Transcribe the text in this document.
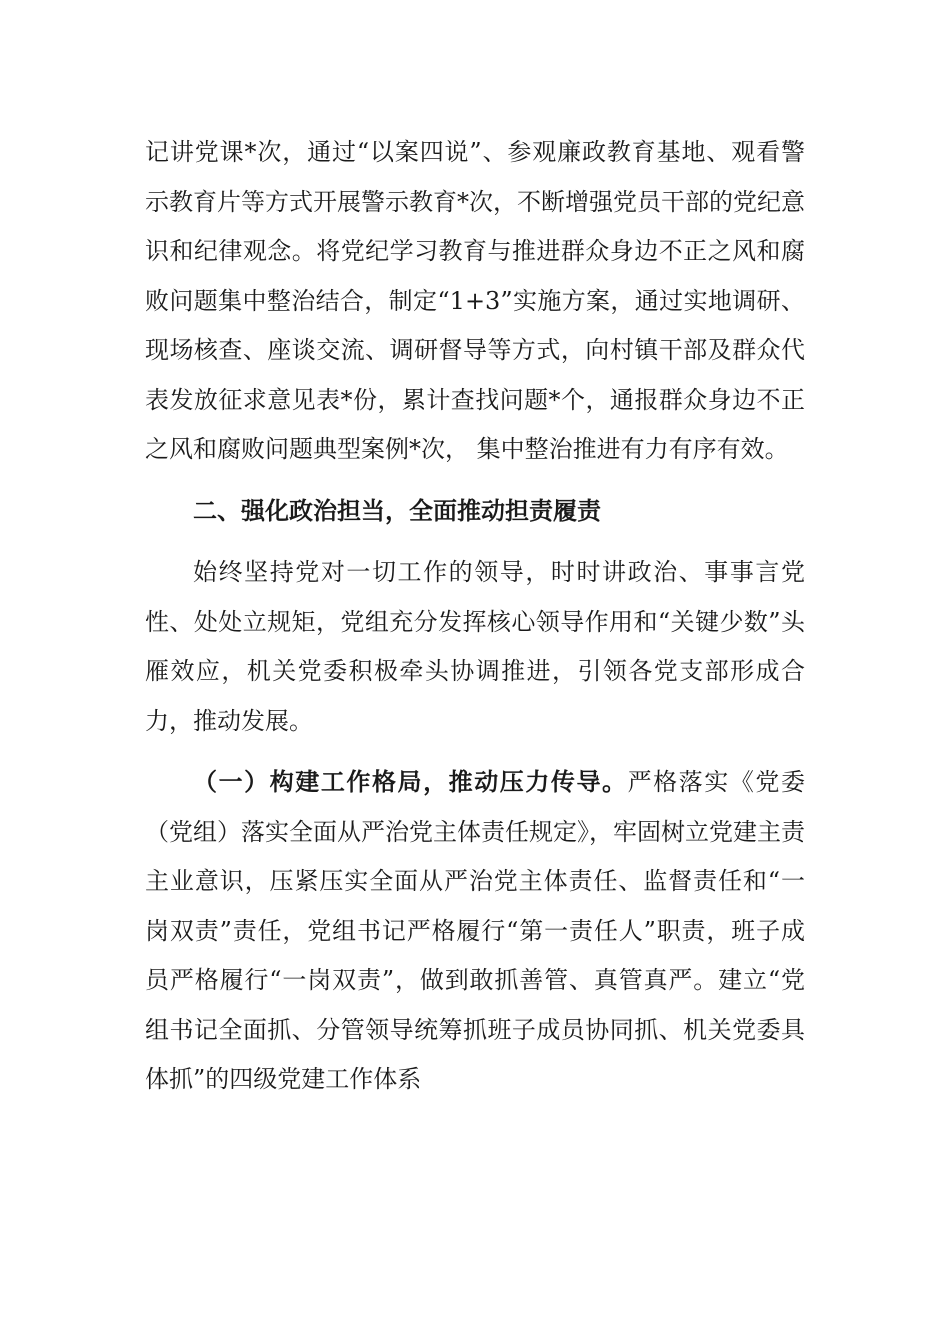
记讲党课*次，通过“以案四说”、参观廉政教育基地、观看警示教育片等方式开展警示教育*次，不断增强党员干部的党纪意识和纪律观念。将党纪学习教育与推进群众身边不正之风和腐败问题集中整治结合，制定“1+3”实施方案，通过实地调研、现场核查、座谈交流、调研督导等方式，向村镇干部及群众代表发放征求意见表*份，累计查找问题*个，通报群众身边不正之风和腐败问题典型案例*次， 集中整治推进有力有序有效。

二、强化政治担当，全面推动担责履责

始终坚持党对一切工作的领导，时时讲政治、事事言党性、处处立规矩，党组充分发挥核心领导作用和“关键少数”头雁效应，机关党委积极牵头协调推进，引领各党支部形成合力，推动发展。

（一）构建工作格局，推动压力传导。严格落实《党委（党组）落实全面从严治党主体责任规定》，牢固树立党建主责主业意识，压紧压实全面从严治党主体责任、监督责任和“一岗双责”责任，党组书记严格履行“第一责任人”职责，班子成员严格履行“一岗双责”，做到敢抓善管、真管真严。建立“党组书记全面抓、分管领导统筹抓班子成员协同抓、机关党委具体抓”的四级党建工作体系
